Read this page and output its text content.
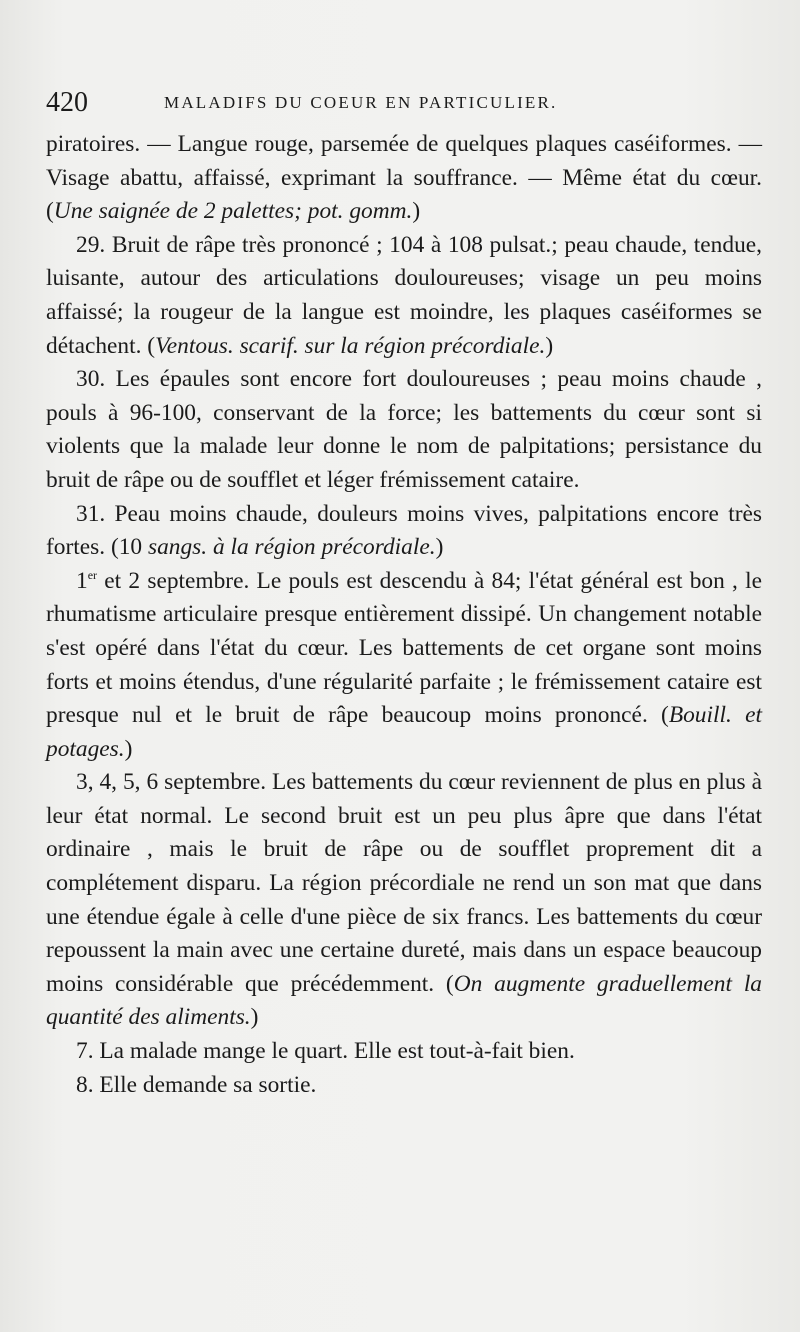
420	MALADIFS DU COEUR EN PARTICULIER.

piratoires. — Langue rouge, parsemée de quelques plaques caséiformes. —Visage abattu, affaissé, exprimant la souffrance. — Même état du cœur. (Une saignée de 2 palettes; pot. gomm.)

29. Bruit de râpe très prononcé ; 104 à 108 pulsat.; peau chaude, tendue, luisante, autour des articulations douloureuses; visage un peu moins affaissé; la rougeur de la langue est moindre, les plaques caséiformes se détachent. (Ventous. scarif. sur la région précordiale.)

30. Les épaules sont encore fort douloureuses ; peau moins chaude , pouls à 96-100, conservant de la force; les battements du cœur sont si violents que la malade leur donne le nom de palpitations; persistance du bruit de râpe ou de soufflet et léger frémissement cataire.

31. Peau moins chaude, douleurs moins vives, palpitations encore très fortes. (10 sangs. à la région précordiale.)

1er et 2 septembre. Le pouls est descendu à 84; l'état général est bon , le rhumatisme articulaire presque entièrement dissipé. Un changement notable s'est opéré dans l'état du cœur. Les battements de cet organe sont moins forts et moins étendus, d'une régularité parfaite ; le frémissement cataire est presque nul et le bruit de râpe beaucoup moins prononcé. (Bouill. et potages.)

3, 4, 5, 6 septembre. Les battements du cœur reviennent de plus en plus à leur état normal. Le second bruit est un peu plus âpre que dans l'état ordinaire , mais le bruit de râpe ou de soufflet proprement dit a complétement disparu. La région précordiale ne rend un son mat que dans une étendue égale à celle d'une pièce de six francs. Les battements du cœur repoussent la main avec une certaine dureté, mais dans un espace beaucoup moins considérable que précédemment. (On augmente graduellement la quantité des aliments.)

7. La malade mange le quart. Elle est tout-à-fait bien.

8. Elle demande sa sortie.
